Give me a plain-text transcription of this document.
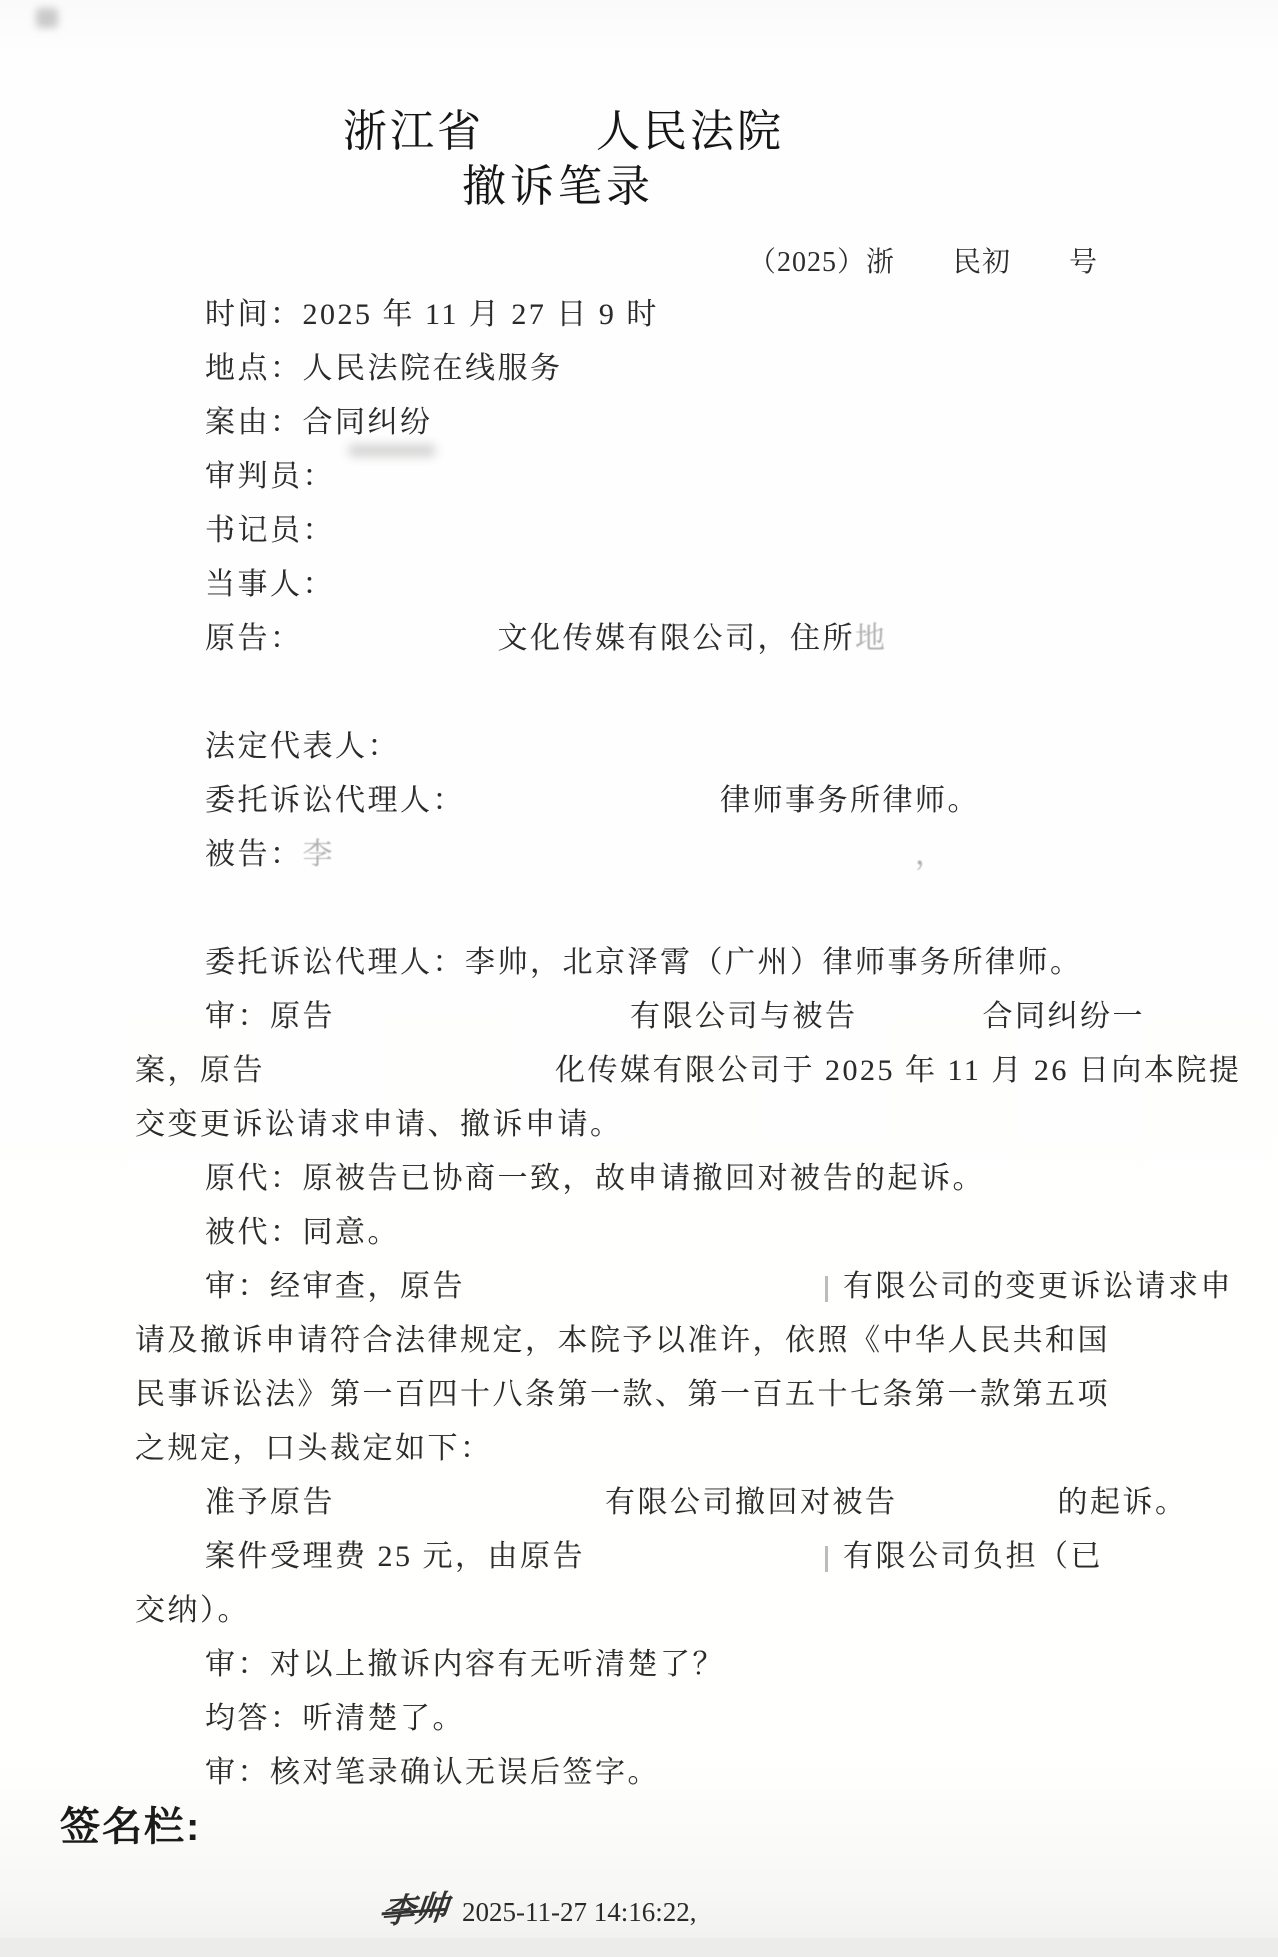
浙江省	人民法院
撤诉笔录
（2025）浙 民初 号
时间：2025 年 11 月 27 日 9 时
地点：人民法院在线服务
案由：合同纠纷
审判员：
书记员：
当事人：
原告：	文化传媒有限公司，住所地
法定代表人：
委托诉讼代理人：	律师事务所律师。
被告：李	，
委托诉讼代理人：李帅，北京泽霄（广州）律师事务所律师。
审：原告	有限公司与被告	合同纠纷一
案，原告	化传媒有限公司于 2025 年 11 月 26 日向本院提
交变更诉讼请求申请、撤诉申请。
原代：原被告已协商一致，故申请撤回对被告的起诉。
被代：同意。
审：经审查，原告	有限公司的变更诉讼请求申
请及撤诉申请符合法律规定，本院予以准许，依照《中华人民共和国
民事诉讼法》第一百四十八条第一款、第一百五十七条第一款第五项
之规定，口头裁定如下：
准予原告	有限公司撤回对被告	的起诉。
案件受理费 25 元，由原告	有限公司负担（已
交纳）。
审：对以上撤诉内容有无听清楚了？
均答：听清楚了。
审：核对笔录确认无误后签字。
签名栏:
李帅 2025-11-27 14:16:22,
